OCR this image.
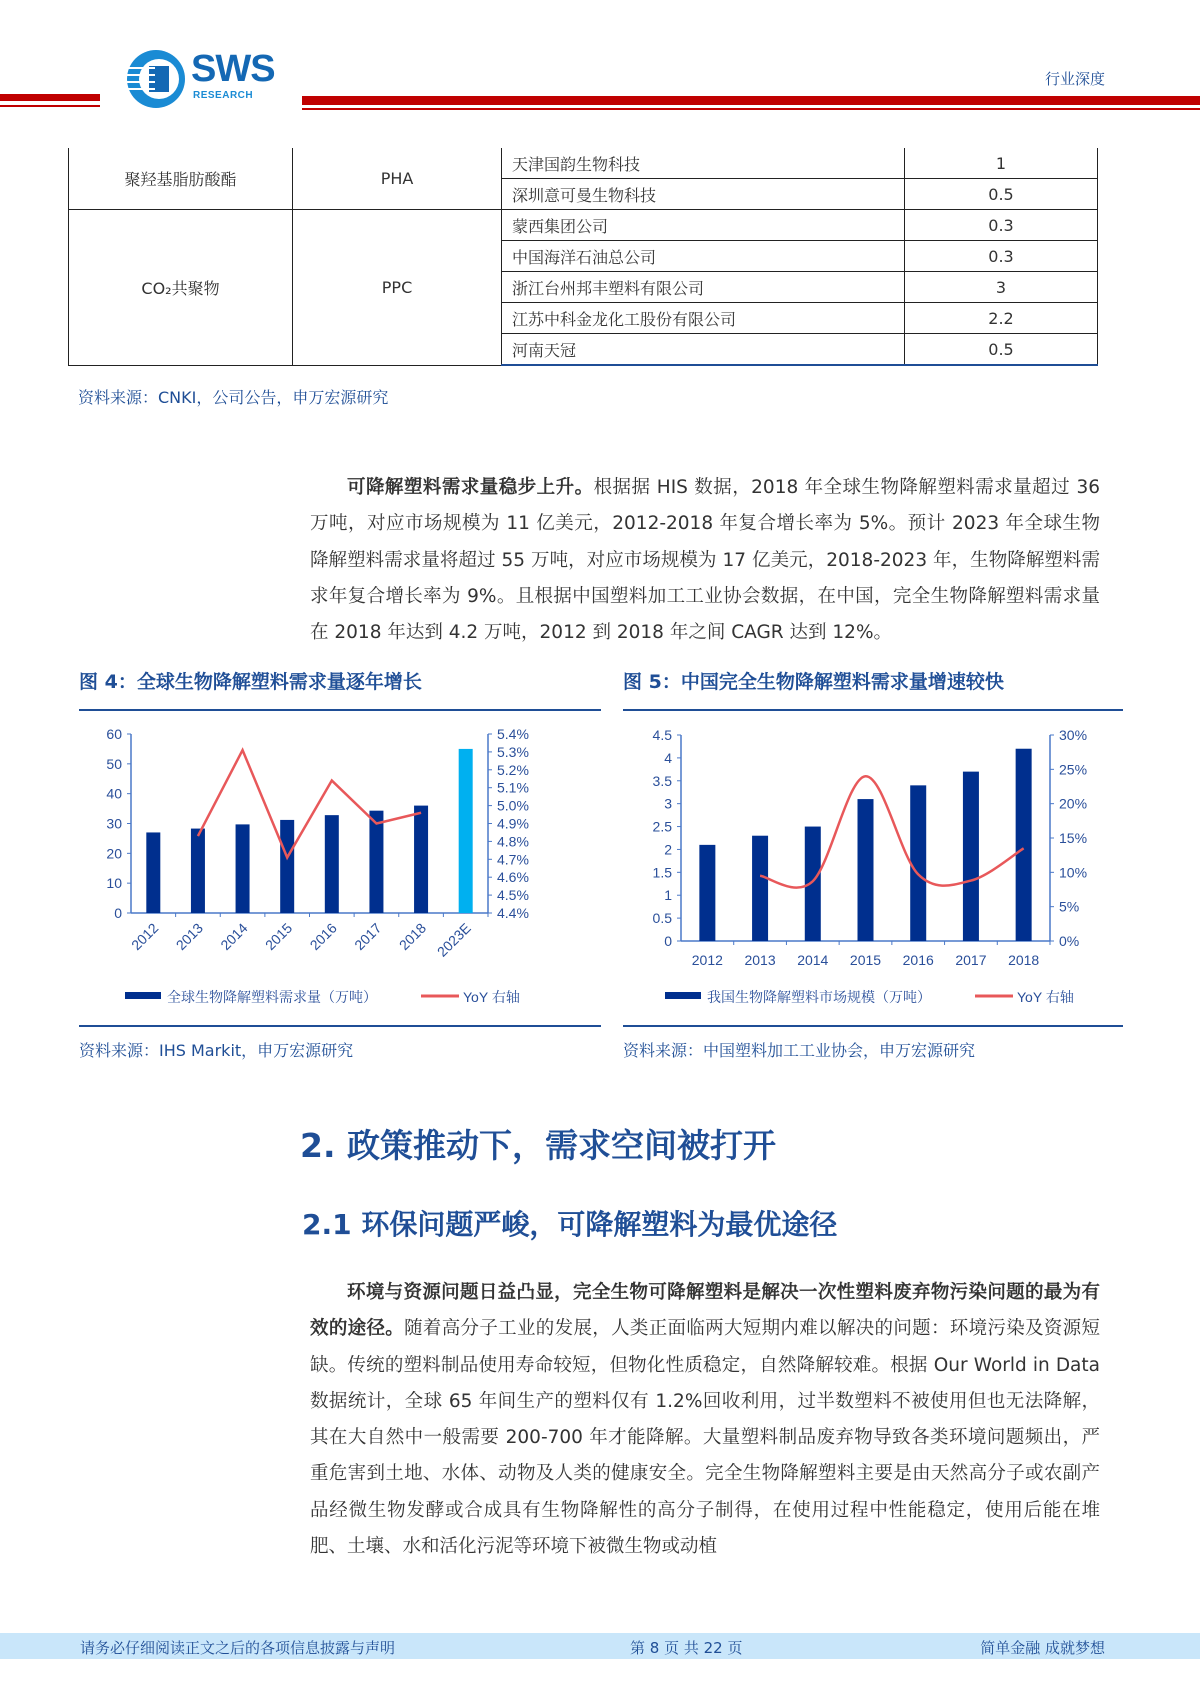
SWS
RESEARCH
行业深度
聚羟基脂肪酸酯	PHA	天津国韵生物科技	1
		深圳意可曼生物科技	0.5
CO₂共聚物	PPC	蒙西集团公司	0.3
		中国海洋石油总公司	0.3
		浙江台州邦丰塑料有限公司	3
		江苏中科金龙化工股份有限公司	2.2
		河南天冠	0.5
资料来源：CNKI，公司公告，申万宏源研究
可降解塑料需求量稳步上升。根据据 HIS 数据，2018 年全球生物降解塑料需求量超过 36 万吨，对应市场规模为 11 亿美元，2012-2018 年复合增长率为 5%。预计 2023 年全球生物降解塑料需求量将超过 55 万吨，对应市场规模为 17 亿美元，2018-2023 年，生物降解塑料需求年复合增长率为 9%。且根据中国塑料加工工业协会数据，在中国，完全生物降解塑料需求量在 2018 年达到 4.2 万吨，2012 到 2018 年之间 CAGR 达到 12%。
图 4：全球生物降解塑料需求量逐年增长	图 5：中国完全生物降解塑料需求量增速较快
0
10
20
30
40
50
60
4.4%
4.5%
4.6%
4.7%
4.8%
4.9%
5.0%
5.1%
5.2%
5.3%
5.4%
2012 2013 2014 2015 2016 2017 2018 2023E
全球生物降解塑料需求量（万吨）	YoY 右轴
0
0.5
1
1.5
2
2.5
3
3.5
4
4.5
0%
5%
10%
15%
20%
25%
30%
2012 2013 2014 2015 2016 2017 2018
我国生物降解塑料市场规模（万吨）	YoY 右轴
资料来源：IHS Markit，申万宏源研究	资料来源：中国塑料加工工业协会，申万宏源研究
2. 政策推动下，需求空间被打开
2.1 环保问题严峻，可降解塑料为最优途径
环境与资源问题日益凸显，完全生物可降解塑料是解决一次性塑料废弃物污染问题的最为有效的途径。随着高分子工业的发展，人类正面临两大短期内难以解决的问题：环境污染及资源短缺。传统的塑料制品使用寿命较短，但物化性质稳定，自然降解较难。根据 Our World in Data 数据统计，全球 65 年间生产的塑料仅有 1.2%回收利用，过半数塑料不被使用但也无法降解，其在大自然中一般需要 200-700 年才能降解。大量塑料制品废弃物导致各类环境问题频出，严重危害到土地、水体、动物及人类的健康安全。完全生物降解塑料主要是由天然高分子或农副产品经微生物发酵或合成具有生物降解性的高分子制得，在使用过程中性能稳定，使用后能在堆肥、土壤、水和活化污泥等环境下被微生物或动植
请务必仔细阅读正文之后的各项信息披露与声明	第 8 页 共 22 页	简单金融 成就梦想
